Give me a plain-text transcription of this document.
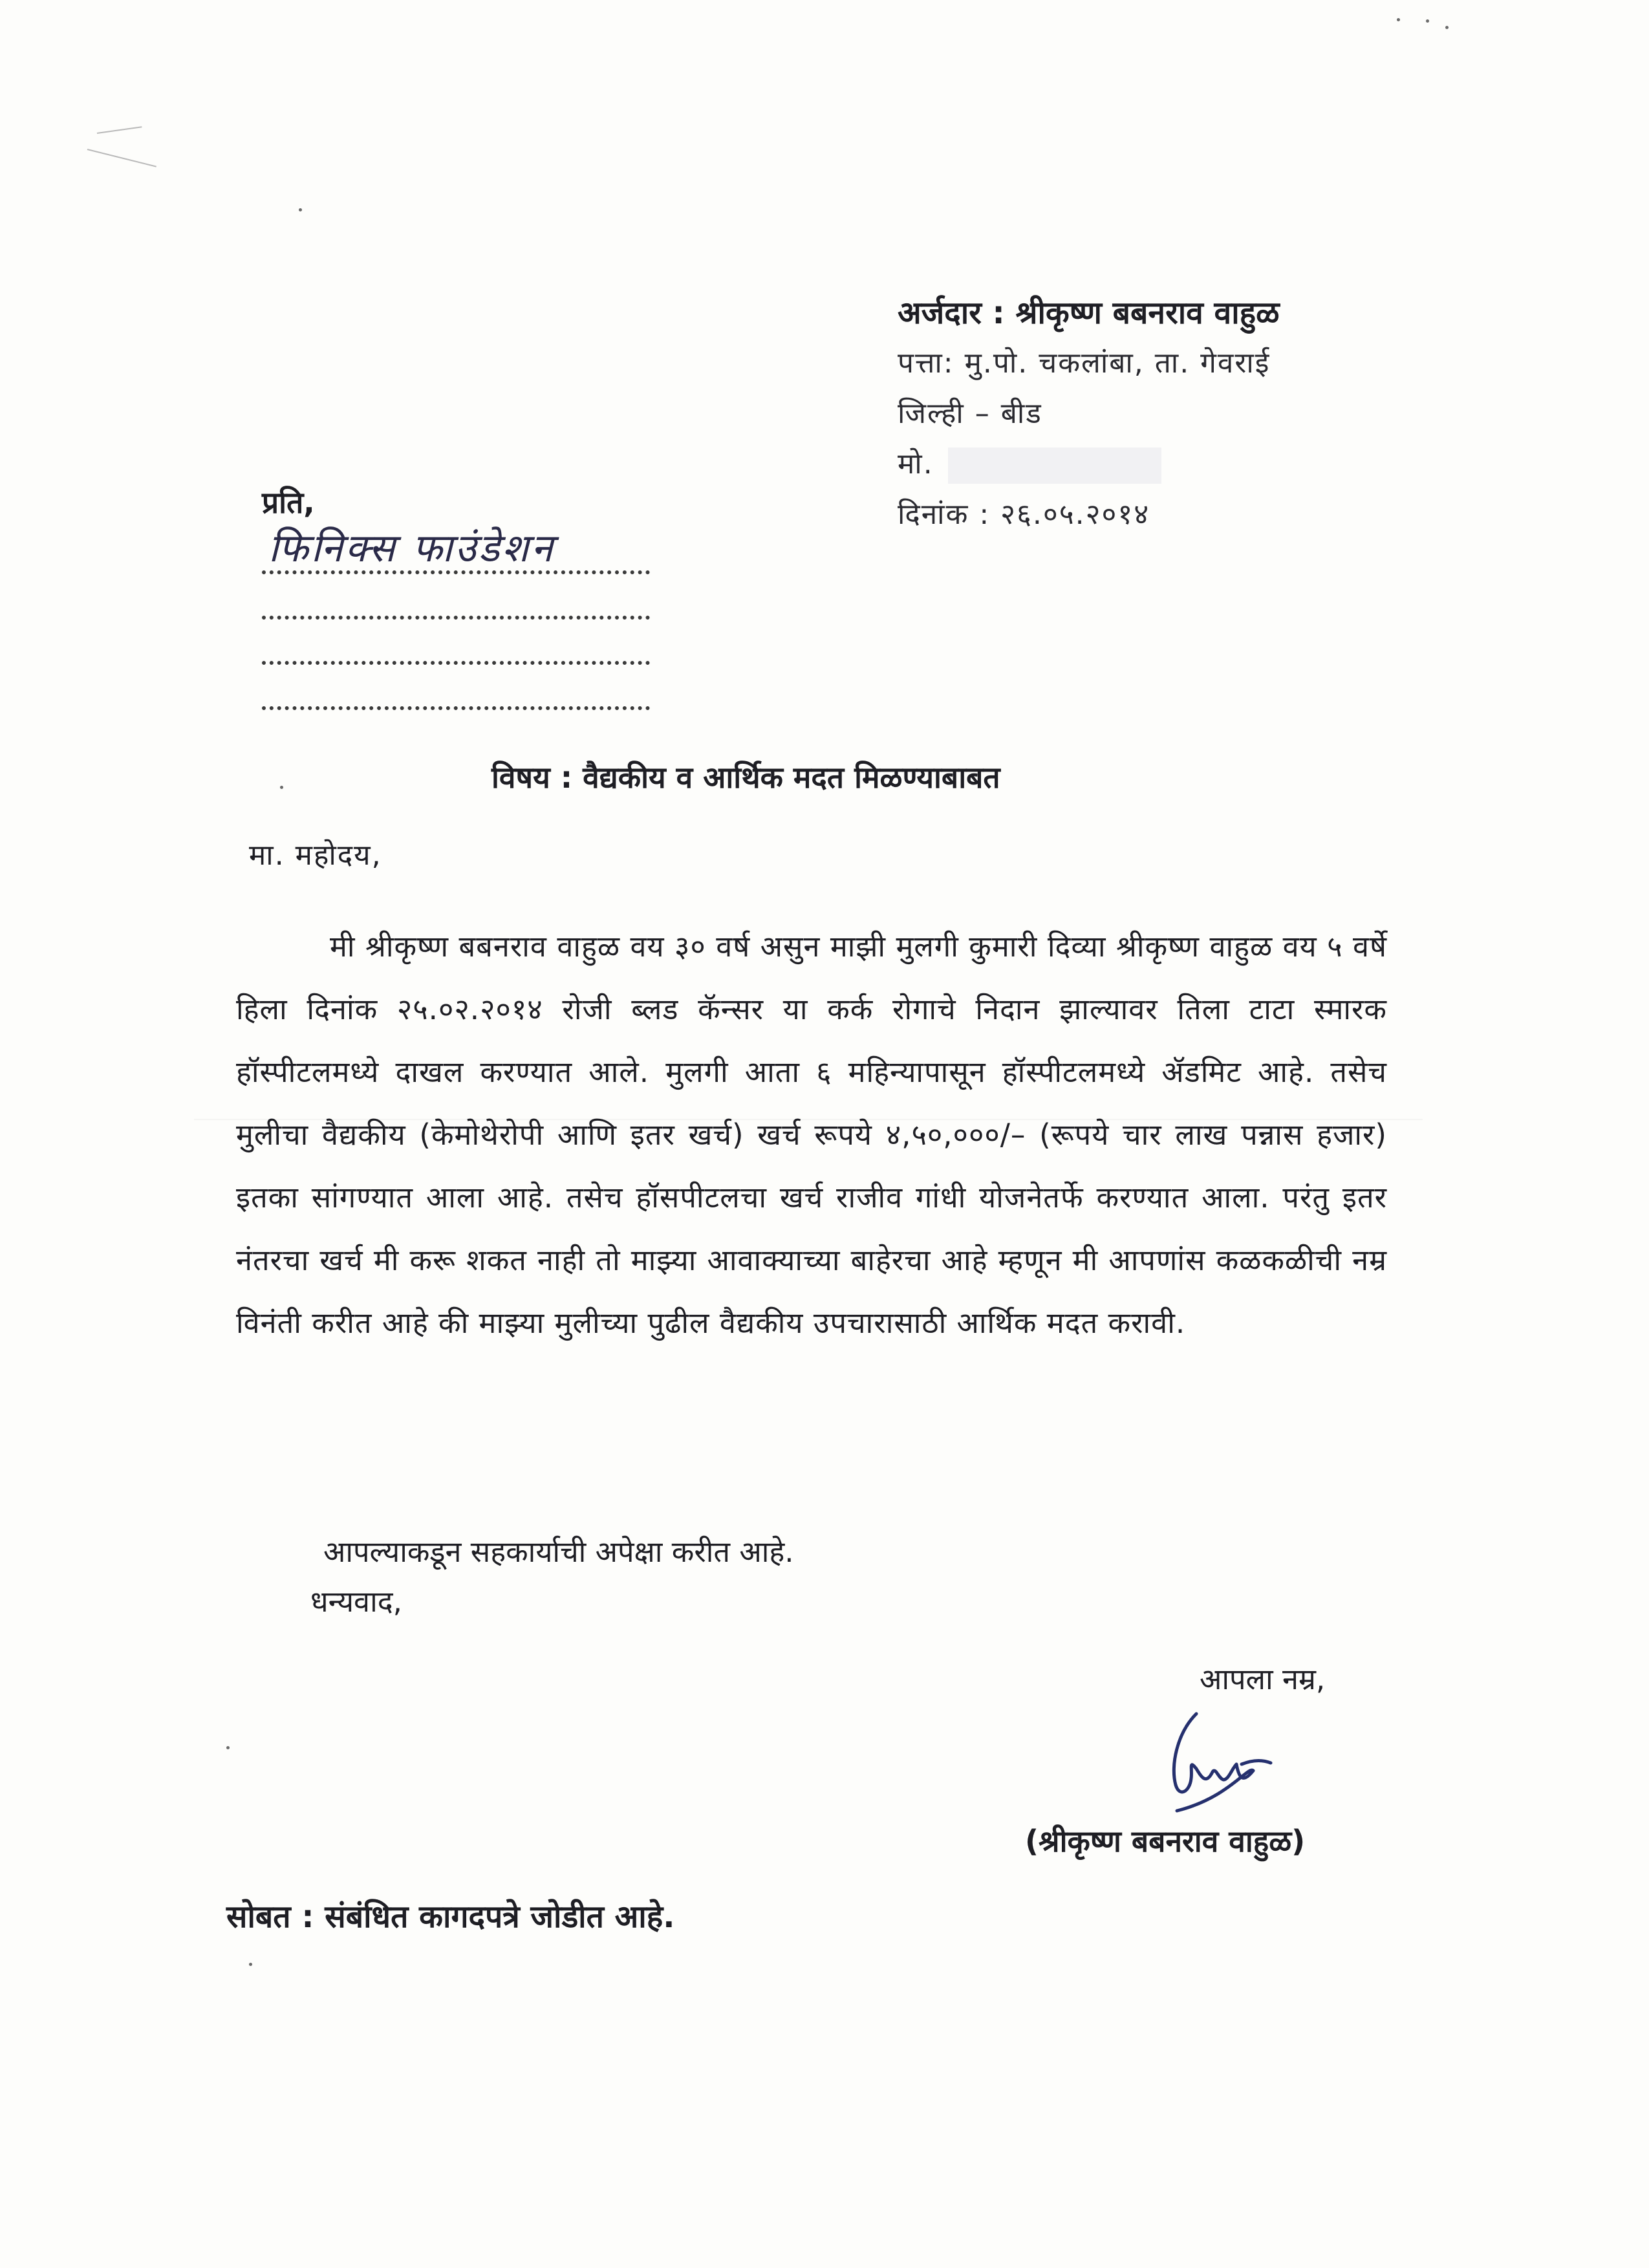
अर्जदार : श्रीकृष्ण बबनराव वाहुळ
पत्ता: मु.पो. चकलांबा, ता. गेवराई
जिल्ही – बीड
मो.
दिनांक : २६.०५.२०१४
प्रति,
फिनिक्स फाउंडेशन
विषय : वैद्यकीय व आर्थिक मदत मिळण्याबाबत
मा. महोदय,
मी श्रीकृष्ण बबनराव वाहुळ वय ३० वर्ष असुन माझी मुलगी कुमारी दिव्या श्रीकृष्ण वाहुळ वय ५ वर्षे हिला दिनांक २५.०२.२०१४ रोजी ब्लड कॅन्सर या कर्क रोगाचे निदान झाल्यावर तिला टाटा स्मारक हॉस्पीटलमध्ये दाखल करण्यात आले. मुलगी आता ६ महिन्यापासून हॉस्पीटलमध्ये ॲडमिट आहे. तसेच मुलीचा वैद्यकीय (केमोथेरोपी आणि इतर खर्च) खर्च रूपये ४,५०,०००/– (रूपये चार लाख पन्नास हजार) इतका सांगण्यात आला आहे. तसेच हॉसपीटलचा खर्च राजीव गांधी योजनेतर्फे करण्यात आला. परंतु इतर नंतरचा खर्च मी करू शकत नाही तो माझ्या आवाक्याच्या बाहेरचा आहे म्हणून मी आपणांस कळकळीची नम्र विनंती करीत आहे की माझ्या मुलीच्या पुढील वैद्यकीय उपचारासाठी आर्थिक मदत करावी.
आपल्याकडून सहकार्याची अपेक्षा करीत आहे.
धन्यवाद,
आपला नम्र,
(श्रीकृष्ण बबनराव वाहुळ)
सोबत : संबंधित कागदपत्रे जोडीत आहे.
